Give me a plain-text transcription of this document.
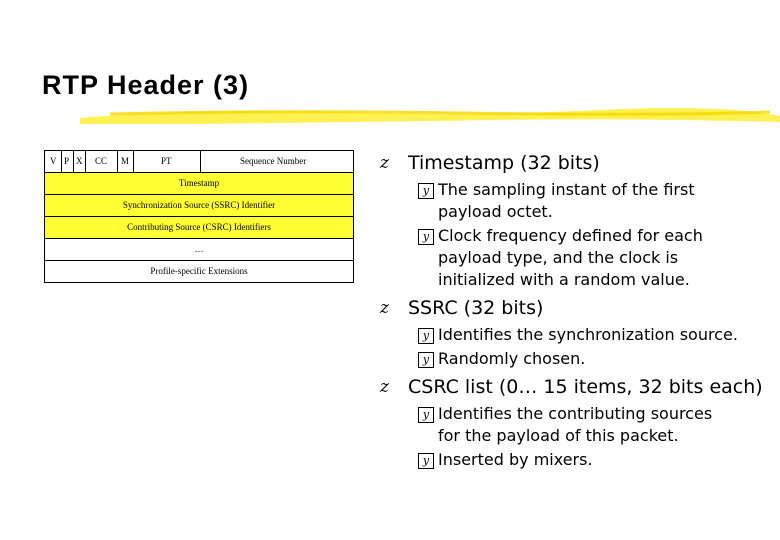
RTP Header (3)
V P X CC M	PT	Sequence Number
Timestamp
Synchronization Source (SSRC) Identifier
Contributing Source (CSRC) Identifiers
…
Profile-specific Extensions
z	Timestamp (32 bits)
y The sampling instant of the first payload octet.
y Clock frequency defined for each payload type, and the clock is initialized with a random value.
z	SSRC (32 bits)
y Identifies the synchronization source.
y Randomly chosen.
z	CSRC list (0… 15 items, 32 bits each)
y Identifies the contributing sources for the payload of this packet.
y Inserted by mixers.
